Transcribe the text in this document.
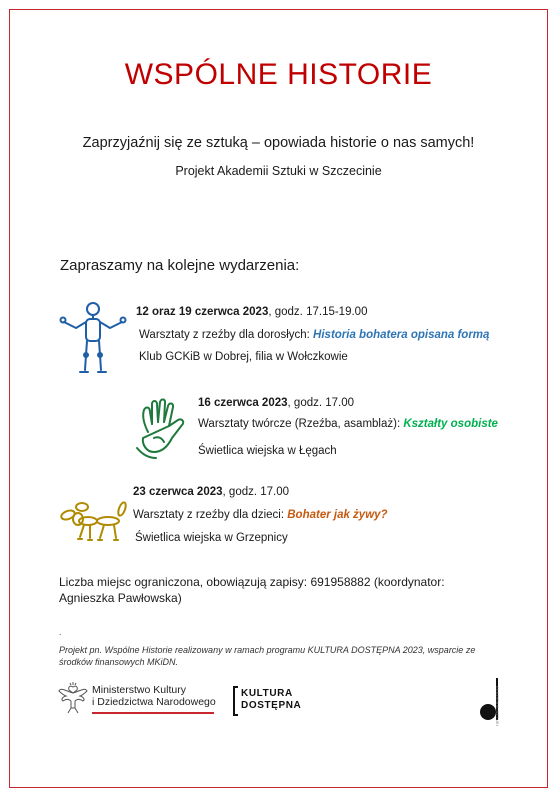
WSPÓLNE HISTORIE
Zaprzyjaźnij się ze sztuką – opowiada historie o nas samych!
Projekt Akademii Sztuki w Szczecinie
Zapraszamy na kolejne wydarzenia:
12 oraz 19 czerwca 2023, godz. 17.15-19.00
Warsztaty z rzeźby dla dorosłych: Historia bohatera opisana formą
Klub GCKiB w Dobrej, filia w Wołczkowie
16 czerwca 2023, godz. 17.00
Warsztaty twórcze (Rzeźba, asamblaż): Kształty osobiste
Świetlica wiejska w Łęgach
23 czerwca 2023, godz. 17.00
Warsztaty z rzeźby dla dzieci: Bohater jak żywy?
Świetlica wiejska w Grzepnicy
Liczba miejsc ograniczona, obowiązują zapisy: 691958882 (koordynator: Agnieszka Pawłowska)
.
Projekt pn. Wspólne Historie realizowany w ramach programu KULTURA DOSTĘPNA 2023, wsparcie ze środków finansowych MKiDN.
Ministerstwo Kultury
i Dziedzictwa Narodowego
KULTURA
DOSTĘPNA	AKADEMIA SZTUKI
